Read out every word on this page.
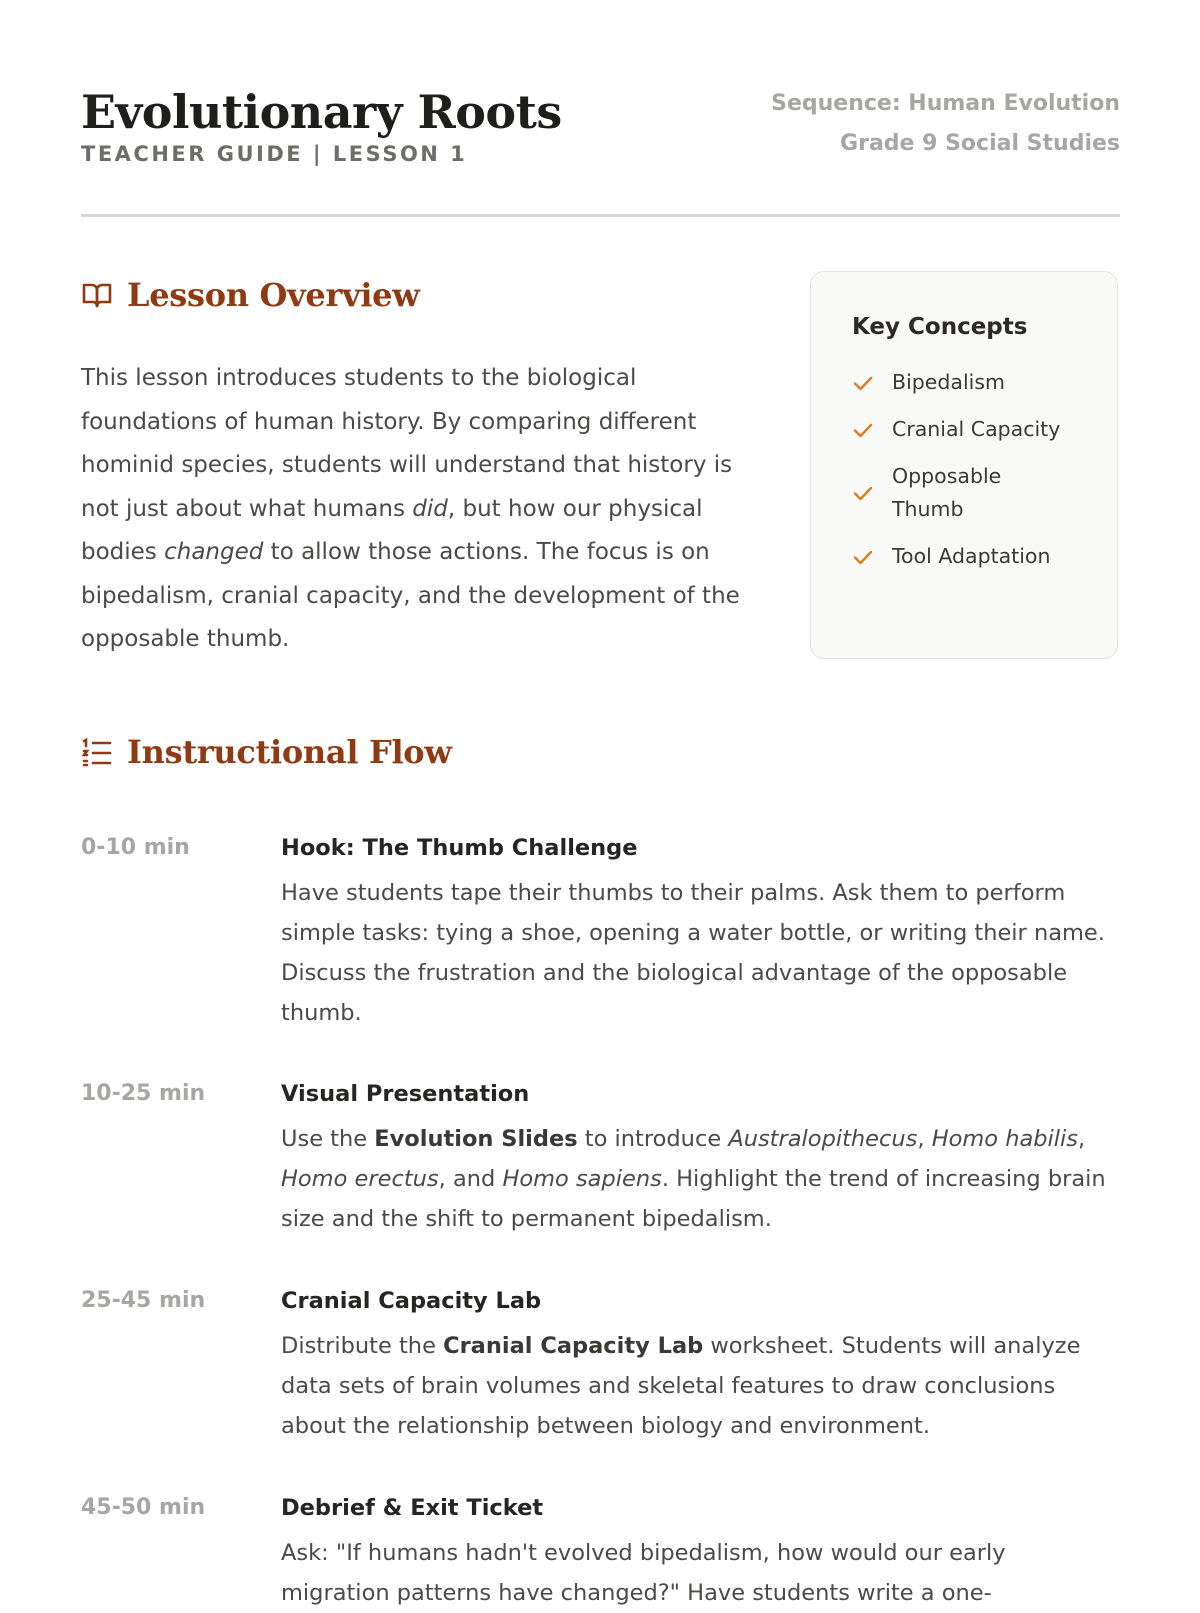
Evolutionary Roots
TEACHER GUIDE | LESSON 1
Sequence: Human Evolution
Grade 9 Social Studies
Lesson Overview

This lesson introduces students to the biological foundations of human history. By comparing different hominid species, students will understand that history is not just about what humans did, but how our physical bodies changed to allow those actions. The focus is on bipedalism, cranial capacity, and the development of the opposable thumb.

Key Concepts
Bipedalism
Cranial Capacity
Opposable Thumb
Tool Adaptation
Instructional Flow
0-10 min	Hook: The Thumb Challenge

Have students tape their thumbs to their palms. Ask them to perform simple tasks: tying a shoe, opening a water bottle, or writing their name. Discuss the frustration and the biological advantage of the opposable thumb.

10-25 min	Visual Presentation

Use the Evolution Slides to introduce Australopithecus, Homo habilis, Homo erectus, and Homo sapiens. Highlight the trend of increasing brain size and the shift to permanent bipedalism.

25-45 min	Cranial Capacity Lab

Distribute the Cranial Capacity Lab worksheet. Students will analyze data sets of brain volumes and skeletal features to draw conclusions about the relationship between biology and environment.

45-50 min	Debrief & Exit Ticket

Ask: "If humans hadn't evolved bipedalism, how would our early migration patterns have changed?" Have students write a one-
